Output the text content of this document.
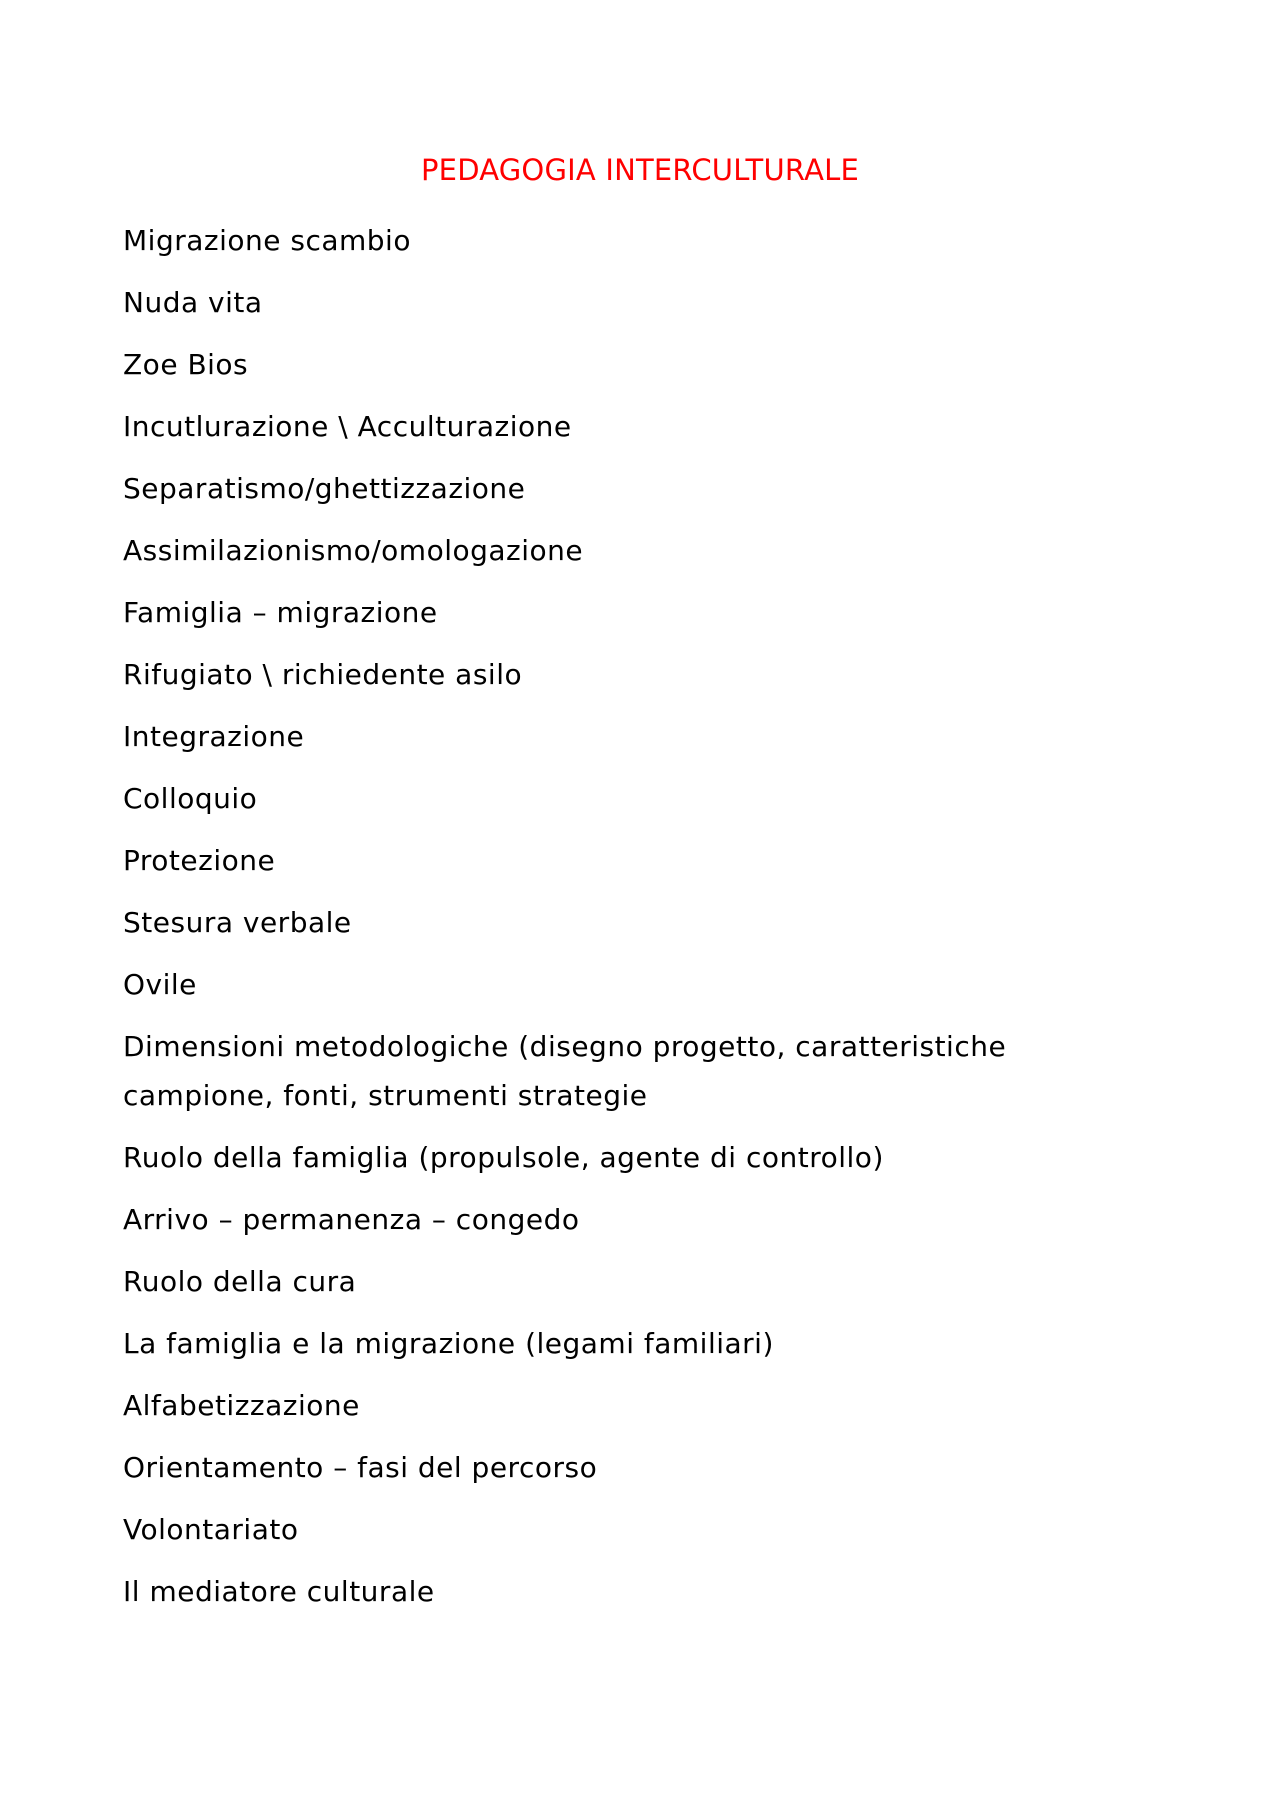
PEDAGOGIA INTERCULTURALE
Migrazione scambio
Nuda vita
Zoe Bios
Incutlurazione \ Acculturazione
Separatismo/ghettizzazione
Assimilazionismo/omologazione
Famiglia – migrazione
Rifugiato \ richiedente asilo
Integrazione
Colloquio
Protezione
Stesura verbale
Ovile
Dimensioni metodologiche (disegno progetto, caratteristiche campione, fonti, strumenti strategie
Ruolo della famiglia (propulsole, agente di controllo)
Arrivo – permanenza – congedo
Ruolo della cura
La famiglia e la migrazione (legami familiari)
Alfabetizzazione
Orientamento – fasi del percorso
Volontariato
Il mediatore culturale
